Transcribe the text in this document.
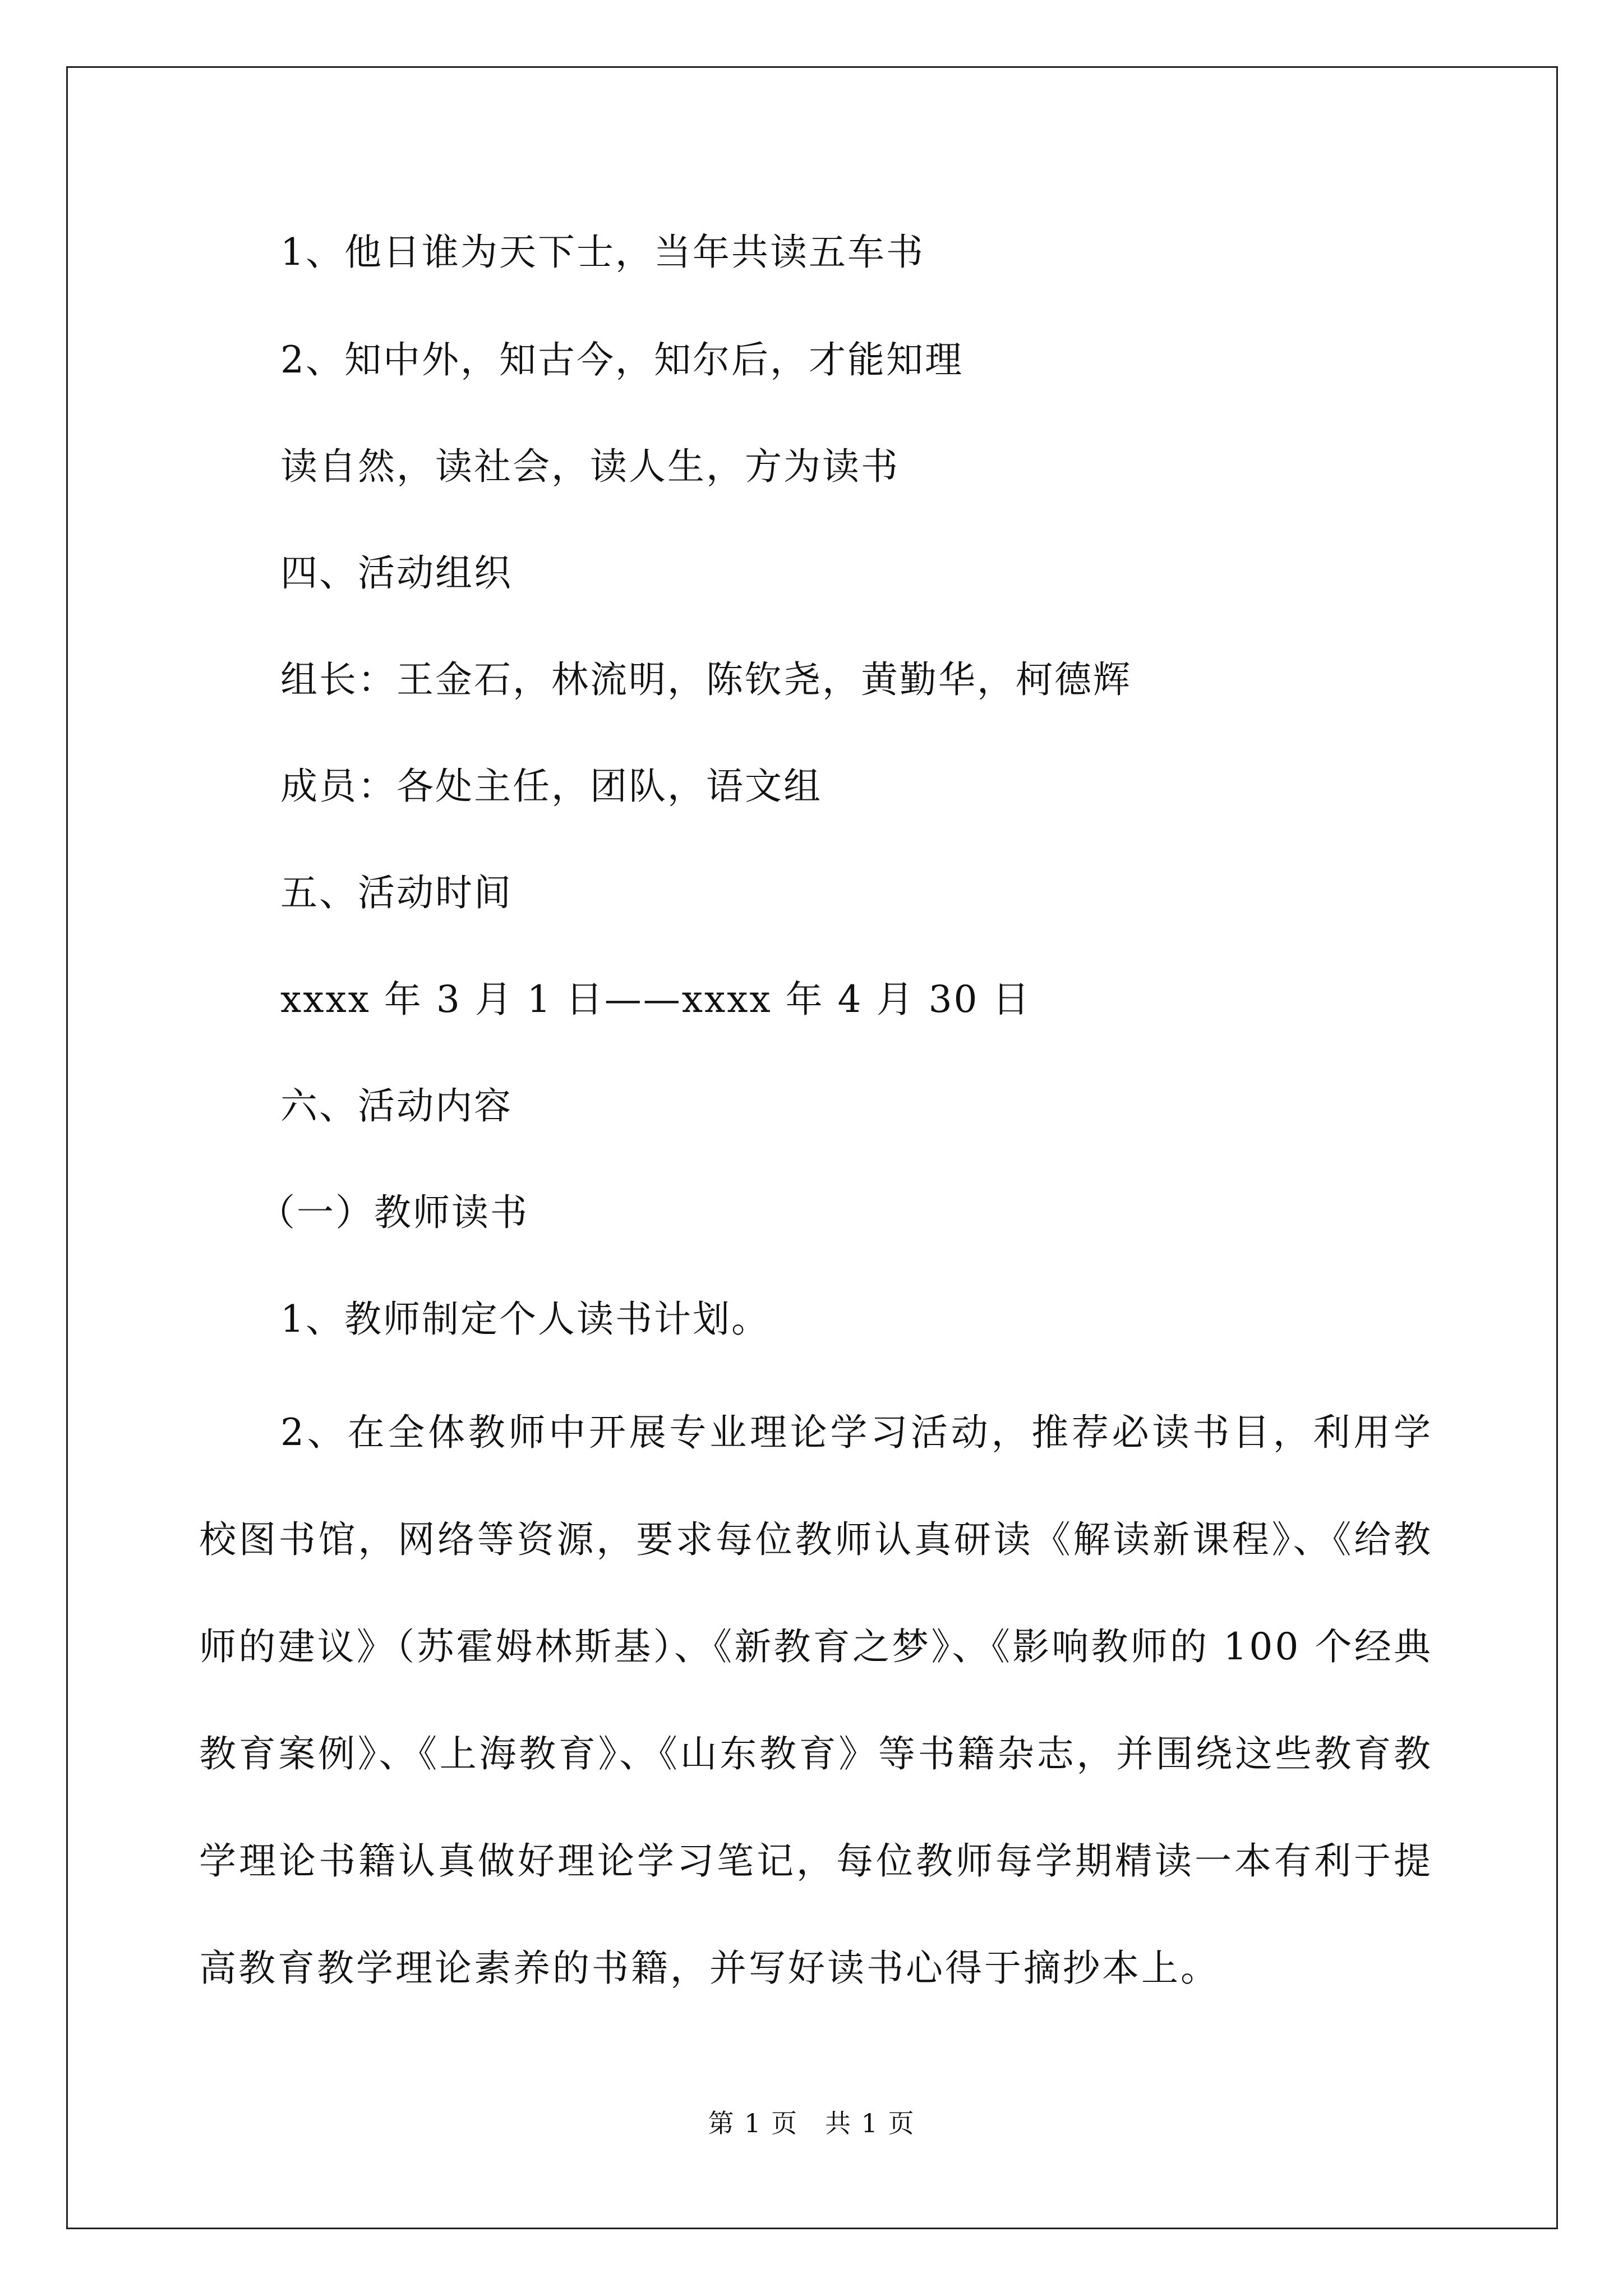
1、他日谁为天下士，当年共读五车书
2、知中外，知古今，知尔后，才能知理
读自然，读社会，读人生，方为读书
四、活动组织
组长：王金石，林流明，陈钦尧，黄勤华，柯德辉
成员：各处主任，团队，语文组
五、活动时间
xxxx 年 3 月 1 日——xxxx 年 4 月 30 日
六、活动内容
（一）教师读书
1、教师制定个人读书计划。
2、在全体教师中开展专业理论学习活动，推荐必读书目，利用学校图书馆，网络等资源，要求每位教师认真研读《解读新课程》、《给教师的建议》（苏霍姆林斯基）、《新教育之梦》、《影响教师的 100 个经典教育案例》、《上海教育》、《山东教育》等书籍杂志，并围绕这些教育教学理论书籍认真做好理论学习笔记，每位教师每学期精读一本有利于提高教育教学理论素养的书籍，并写好读书心得于摘抄本上。
第 1 页　共 1 页
